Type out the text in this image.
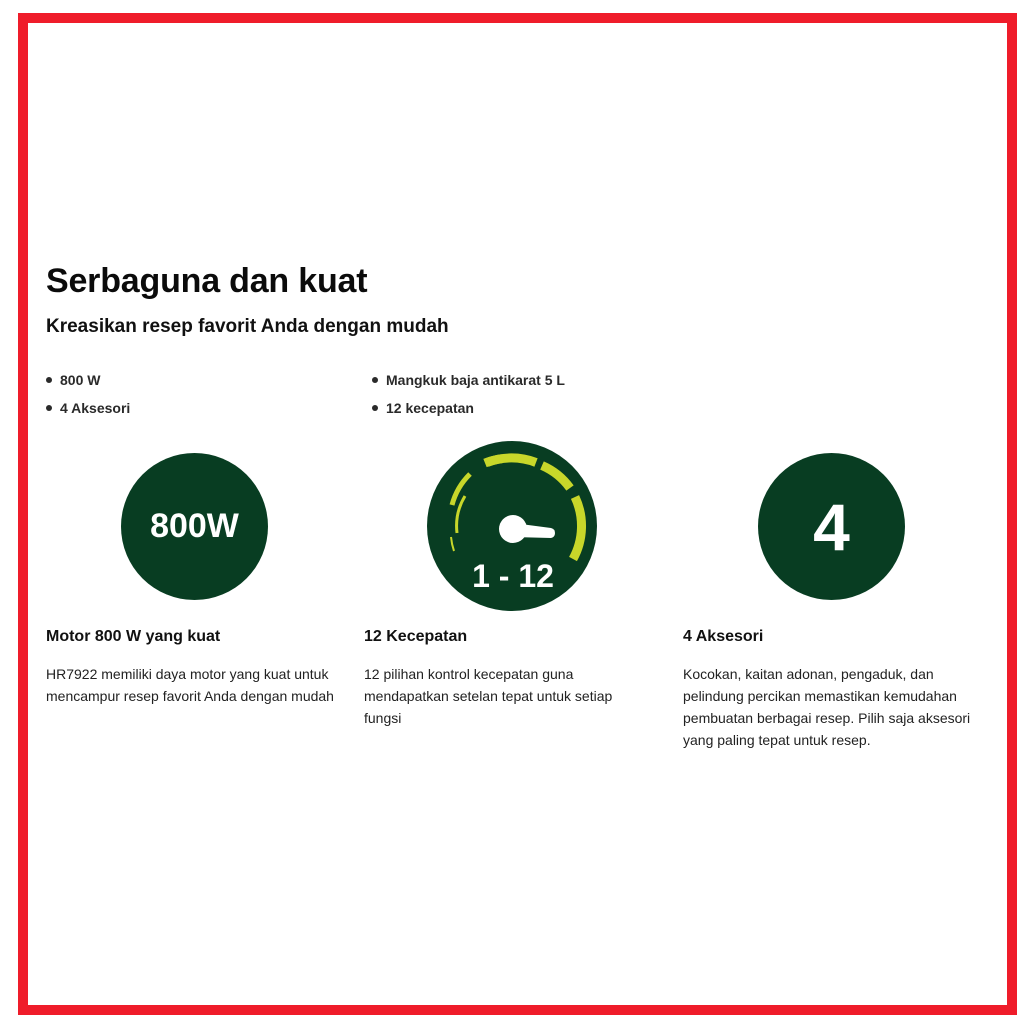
Serbaguna dan kuat
Kreasikan resep favorit Anda dengan mudah
800 W
4 Aksesori
Mangkuk baja antikarat 5 L
12 kecepatan
800W
1 - 12
4
Motor 800 W yang kuat
HR7922 memiliki daya motor yang kuat untuk mencampur resep favorit Anda dengan mudah
12 Kecepatan
12 pilihan kontrol kecepatan guna mendapatkan setelan tepat untuk setiap fungsi
4 Aksesori
Kocokan, kaitan adonan, pengaduk, dan pelindung percikan memastikan kemudahan pembuatan berbagai resep. Pilih saja aksesori yang paling tepat untuk resep.
